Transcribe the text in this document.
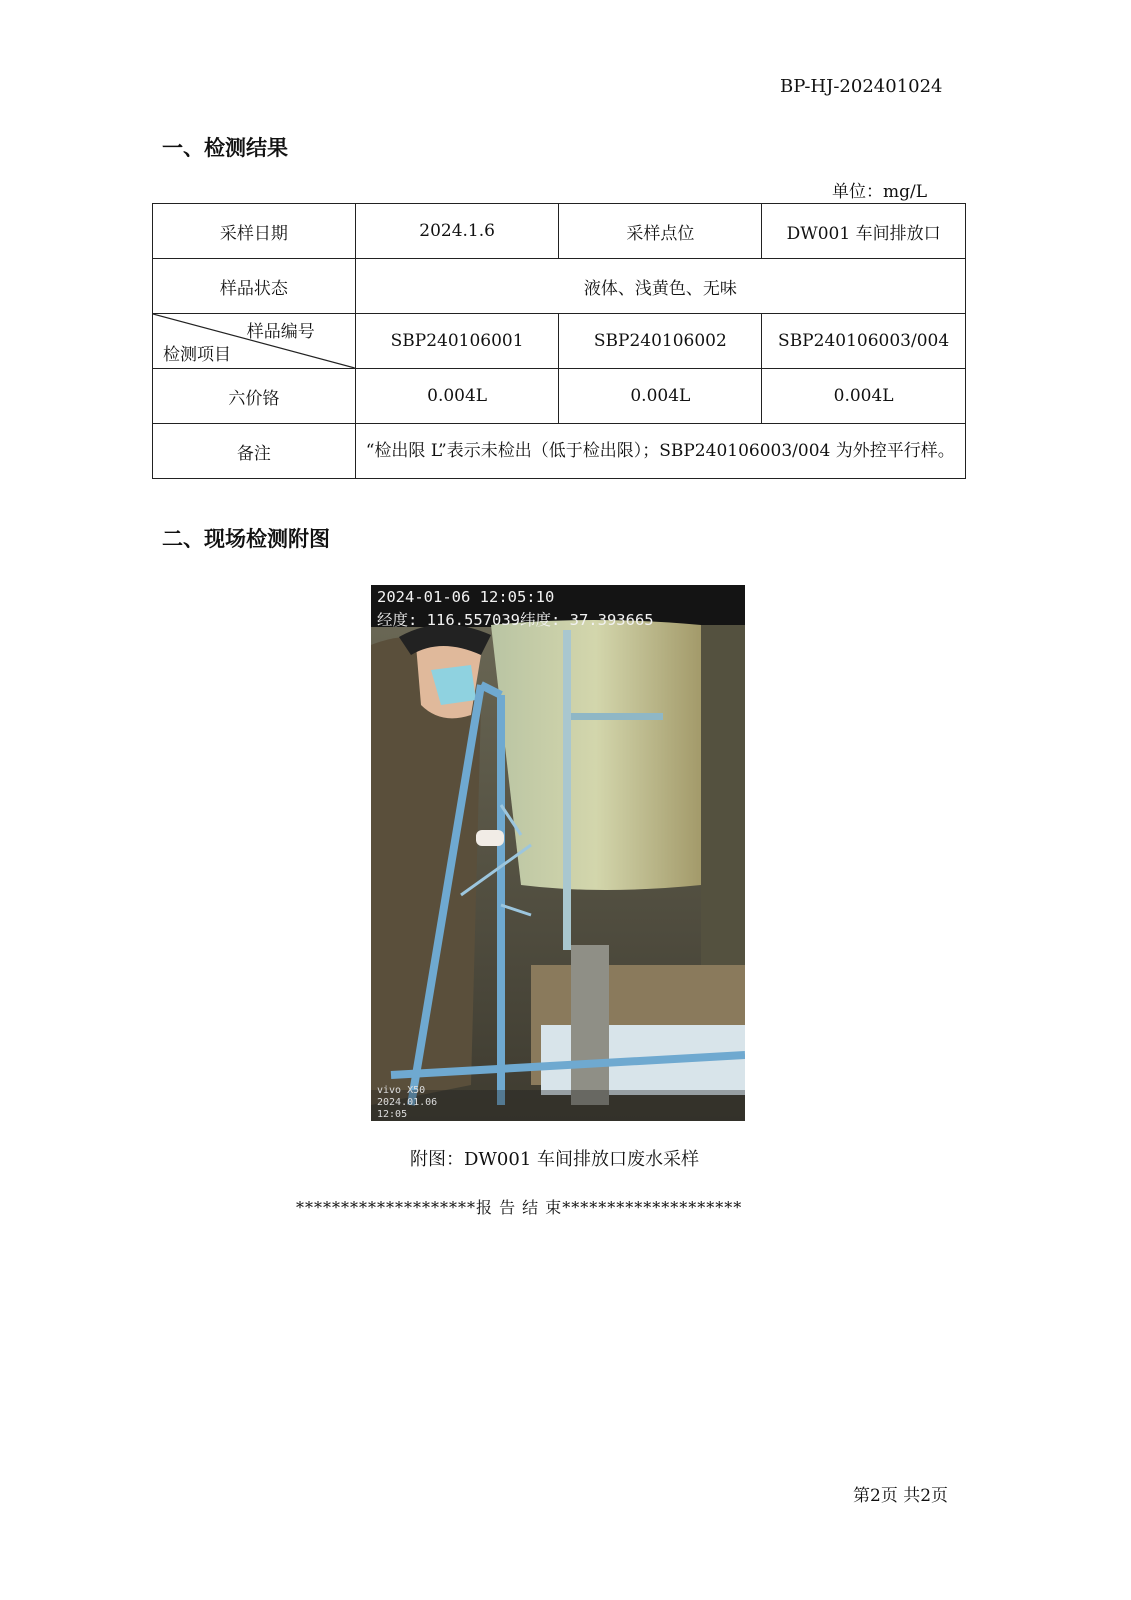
BP-HJ-202401024
一、检测结果
单位：mg/L
采样日期	2024.1.6	采样点位	DW001 车间排放口
样品状态	液体、浅黄色、无味		

样品编号
检测项目	SBP240106001	SBP240106002	SBP240106003/004
六价铬	0.004L	0.004L	0.004L
备注	“检出限 L”表示未检出（低于检出限）；SBP240106003/004 为外控平行样。		
二、现场检测附图
2024-01-06 12:05:10
经度: 116.557039纬度: 37.393665
vivo X50 2024.01.06 12:05
附图：DW001 车间排放口废水采样
********************报 告 结 束********************
第2页 共2页
